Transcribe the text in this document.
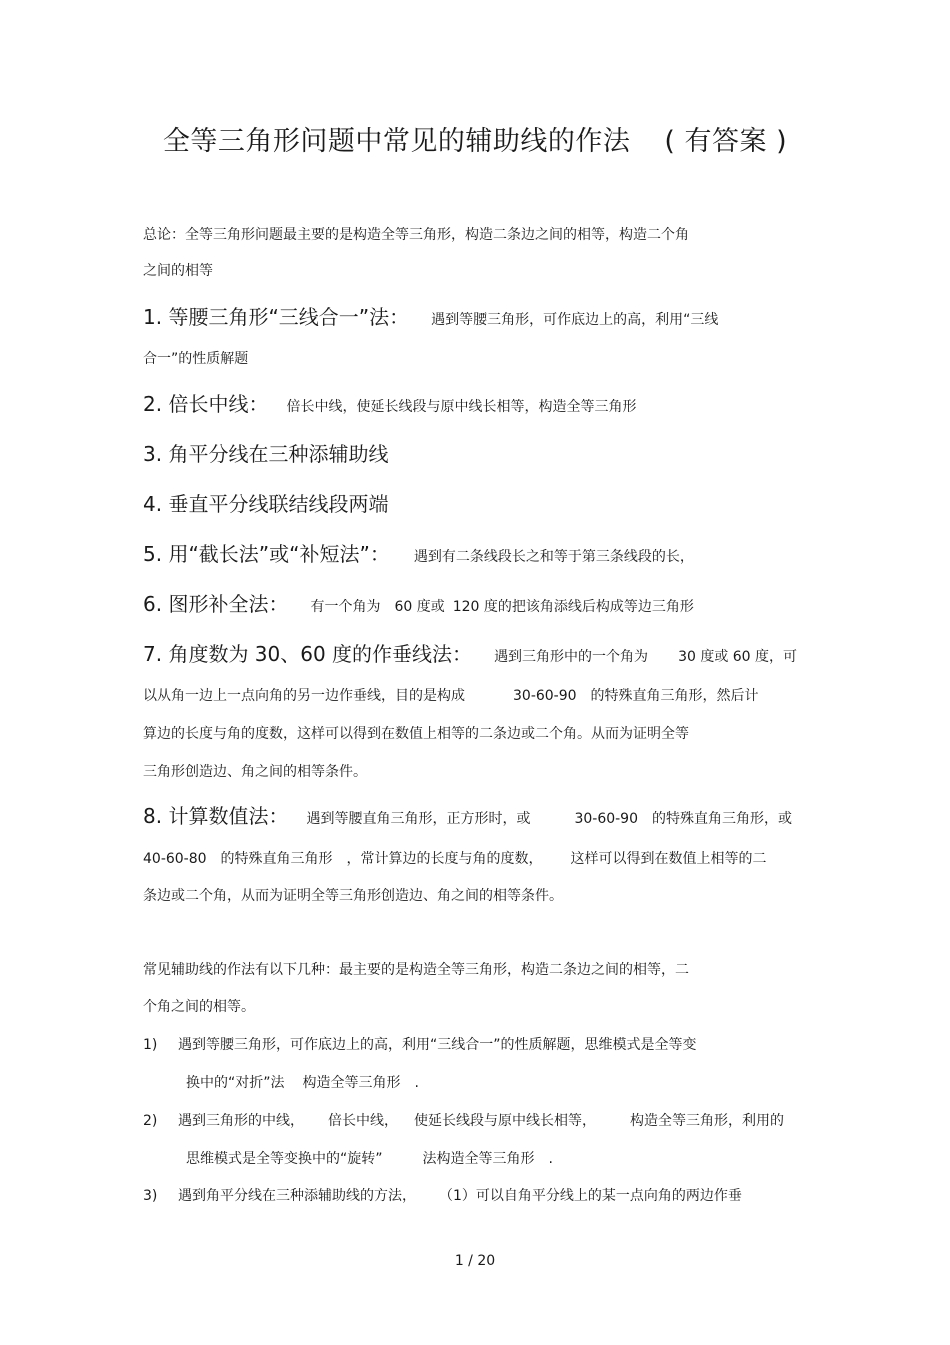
全等三角形问题中常见的辅助线的作法 ( 有答案 )
总论：全等三角形问题最主要的是构造全等三角形，构造二条边之间的相等，构造二个角
之间的相等
1. 等腰三角形“三线合一”法： 遇到等腰三角形，可作底边上的高，利用“三线
合一”的性质解题
2. 倍长中线： 倍长中线，使延长线段与原中线长相等，构造全等三角形
3. 角平分线在三种添辅助线
4. 垂直平分线联结线段两端
5. 用“截长法”或“补短法”： 遇到有二条线段长之和等于第三条线段的长，
6. 图形补全法： 有一个角为 60 度或 120 度的把该角添线后构成等边三角形
7. 角度数为 30、60 度的作垂线法： 遇到三角形中的一个角为 30 度或 60 度，可
以从角一边上一点向角的另一边作垂线，目的是构成	30-60-90 的特殊直角三角形，然后计
算边的长度与角的度数，这样可以得到在数值上相等的二条边或二个角。从而为证明全等
三角形创造边、角之间的相等条件。
8. 计算数值法： 遇到等腰直角三角形，正方形时，或	30-60-90 的特殊直角三角形，或
40-60-80 的特殊直角三角形 ，常计算边的长度与角的度数， 这样可以得到在数值上相等的二
条边或二个角，从而为证明全等三角形创造边、角之间的相等条件。
常见辅助线的作法有以下几种：最主要的是构造全等三角形，构造二条边之间的相等，二
个角之间的相等。
1) 遇到等腰三角形，可作底边上的高，利用“三线合一”的性质解题，思维模式是全等变
换中的“对折”法 构造全等三角形 .
2) 遇到三角形的中线， 倍长中线， 使延长线段与原中线长相等， 构造全等三角形，利用的
思维模式是全等变换中的“旋转”	法构造全等三角形 .
3) 遇到角平分线在三种添辅助线的方法， （1）可以自角平分线上的某一点向角的两边作垂
1 / 20
